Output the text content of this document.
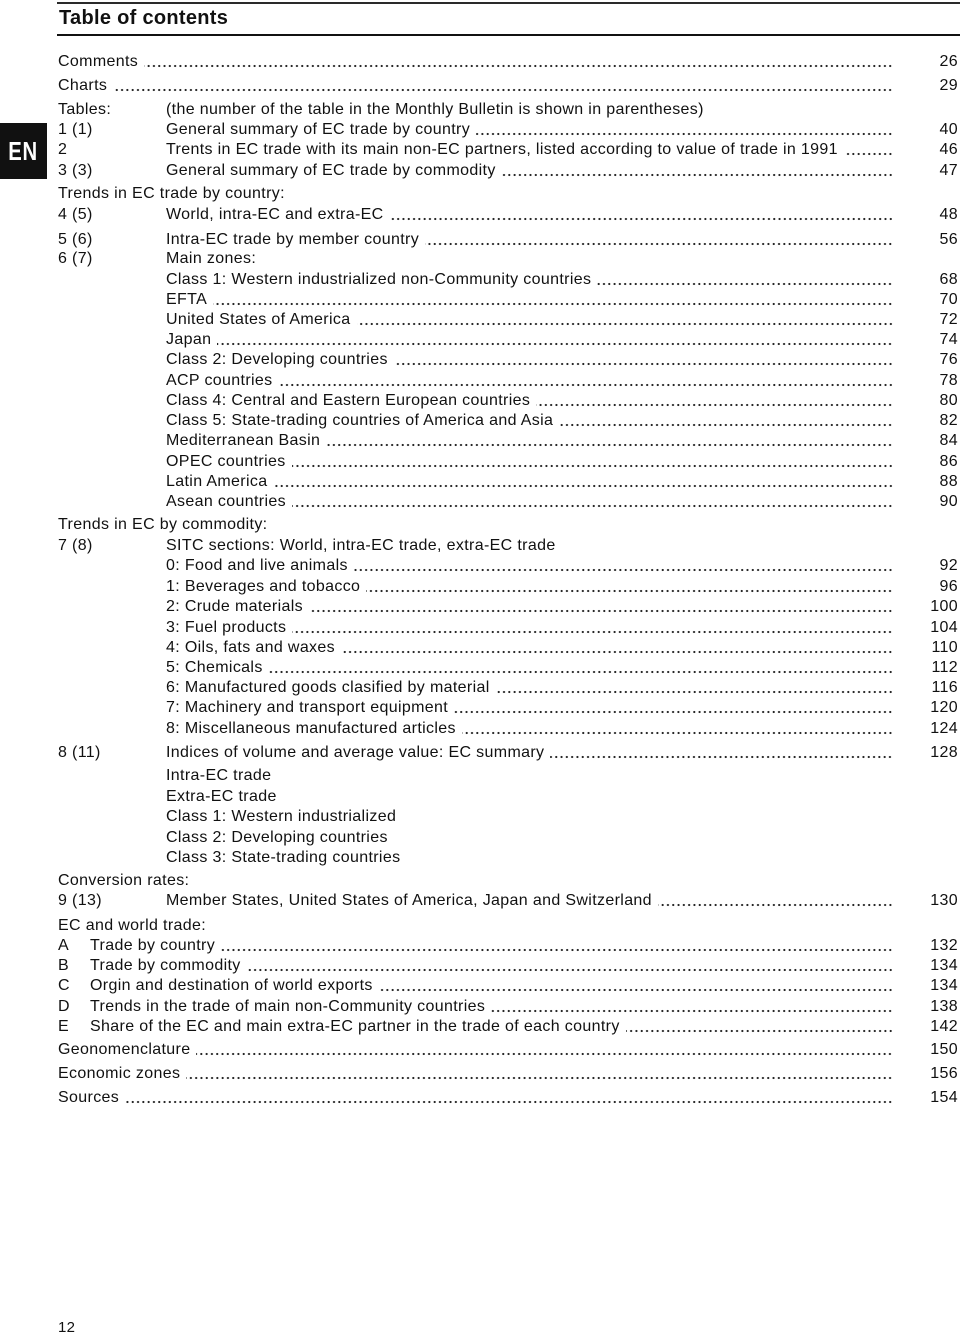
Table of contents
EN
Comments	26
Charts	29
Tables:	(the number of the table in the Monthly Bulletin is shown in parentheses)
1 (1)	General summary of EC trade by country	40
2	Trents in EC trade with its main non-EC partners, listed according to value of trade in 1991	46
3 (3)	General summary of EC trade by commodity	47
Trends in EC trade by country:
4 (5)	World, intra-EC and extra-EC	48
5 (6)	Intra-EC trade by member country	56
6 (7)	Main zones:
Class 1: Western industrialized non-Community countries	68
EFTA	70
United States of America	72
Japan	74
Class 2: Developing countries	76
ACP countries	78
Class 4: Central and Eastern European countries	80
Class 5: State-trading countries of America and Asia	82
Mediterranean Basin	84
OPEC countries	86
Latin America	88
Asean countries	90
Trends in EC by commodity:
7 (8)	SITC sections: World, intra-EC trade, extra-EC trade
0: Food and live animals	92
1: Beverages and tobacco	96
2: Crude materials	100
3: Fuel products	104
4: Oils, fats and waxes	110
5: Chemicals	112
6: Manufactured goods clasified by material	116
7: Machinery and transport equipment	120
8: Miscellaneous manufactured articles	124
8 (11)	Indices of volume and average value: EC summary	128
Intra-EC trade
Extra-EC trade
Class 1: Western industrialized
Class 2: Developing countries
Class 3: State-trading countries
Conversion rates:
9 (13)	Member States, United States of America, Japan and Switzerland	130
EC and world trade:
A Trade by country	132
B Trade by commodity	134
C Orgin and destination of world exports	134
D Trends in the trade of main non-Community countries	138
E Share of the EC and main extra-EC partner in the trade of each country	142
Geonomenclature	150
Economic zones	156
Sources	154
12
